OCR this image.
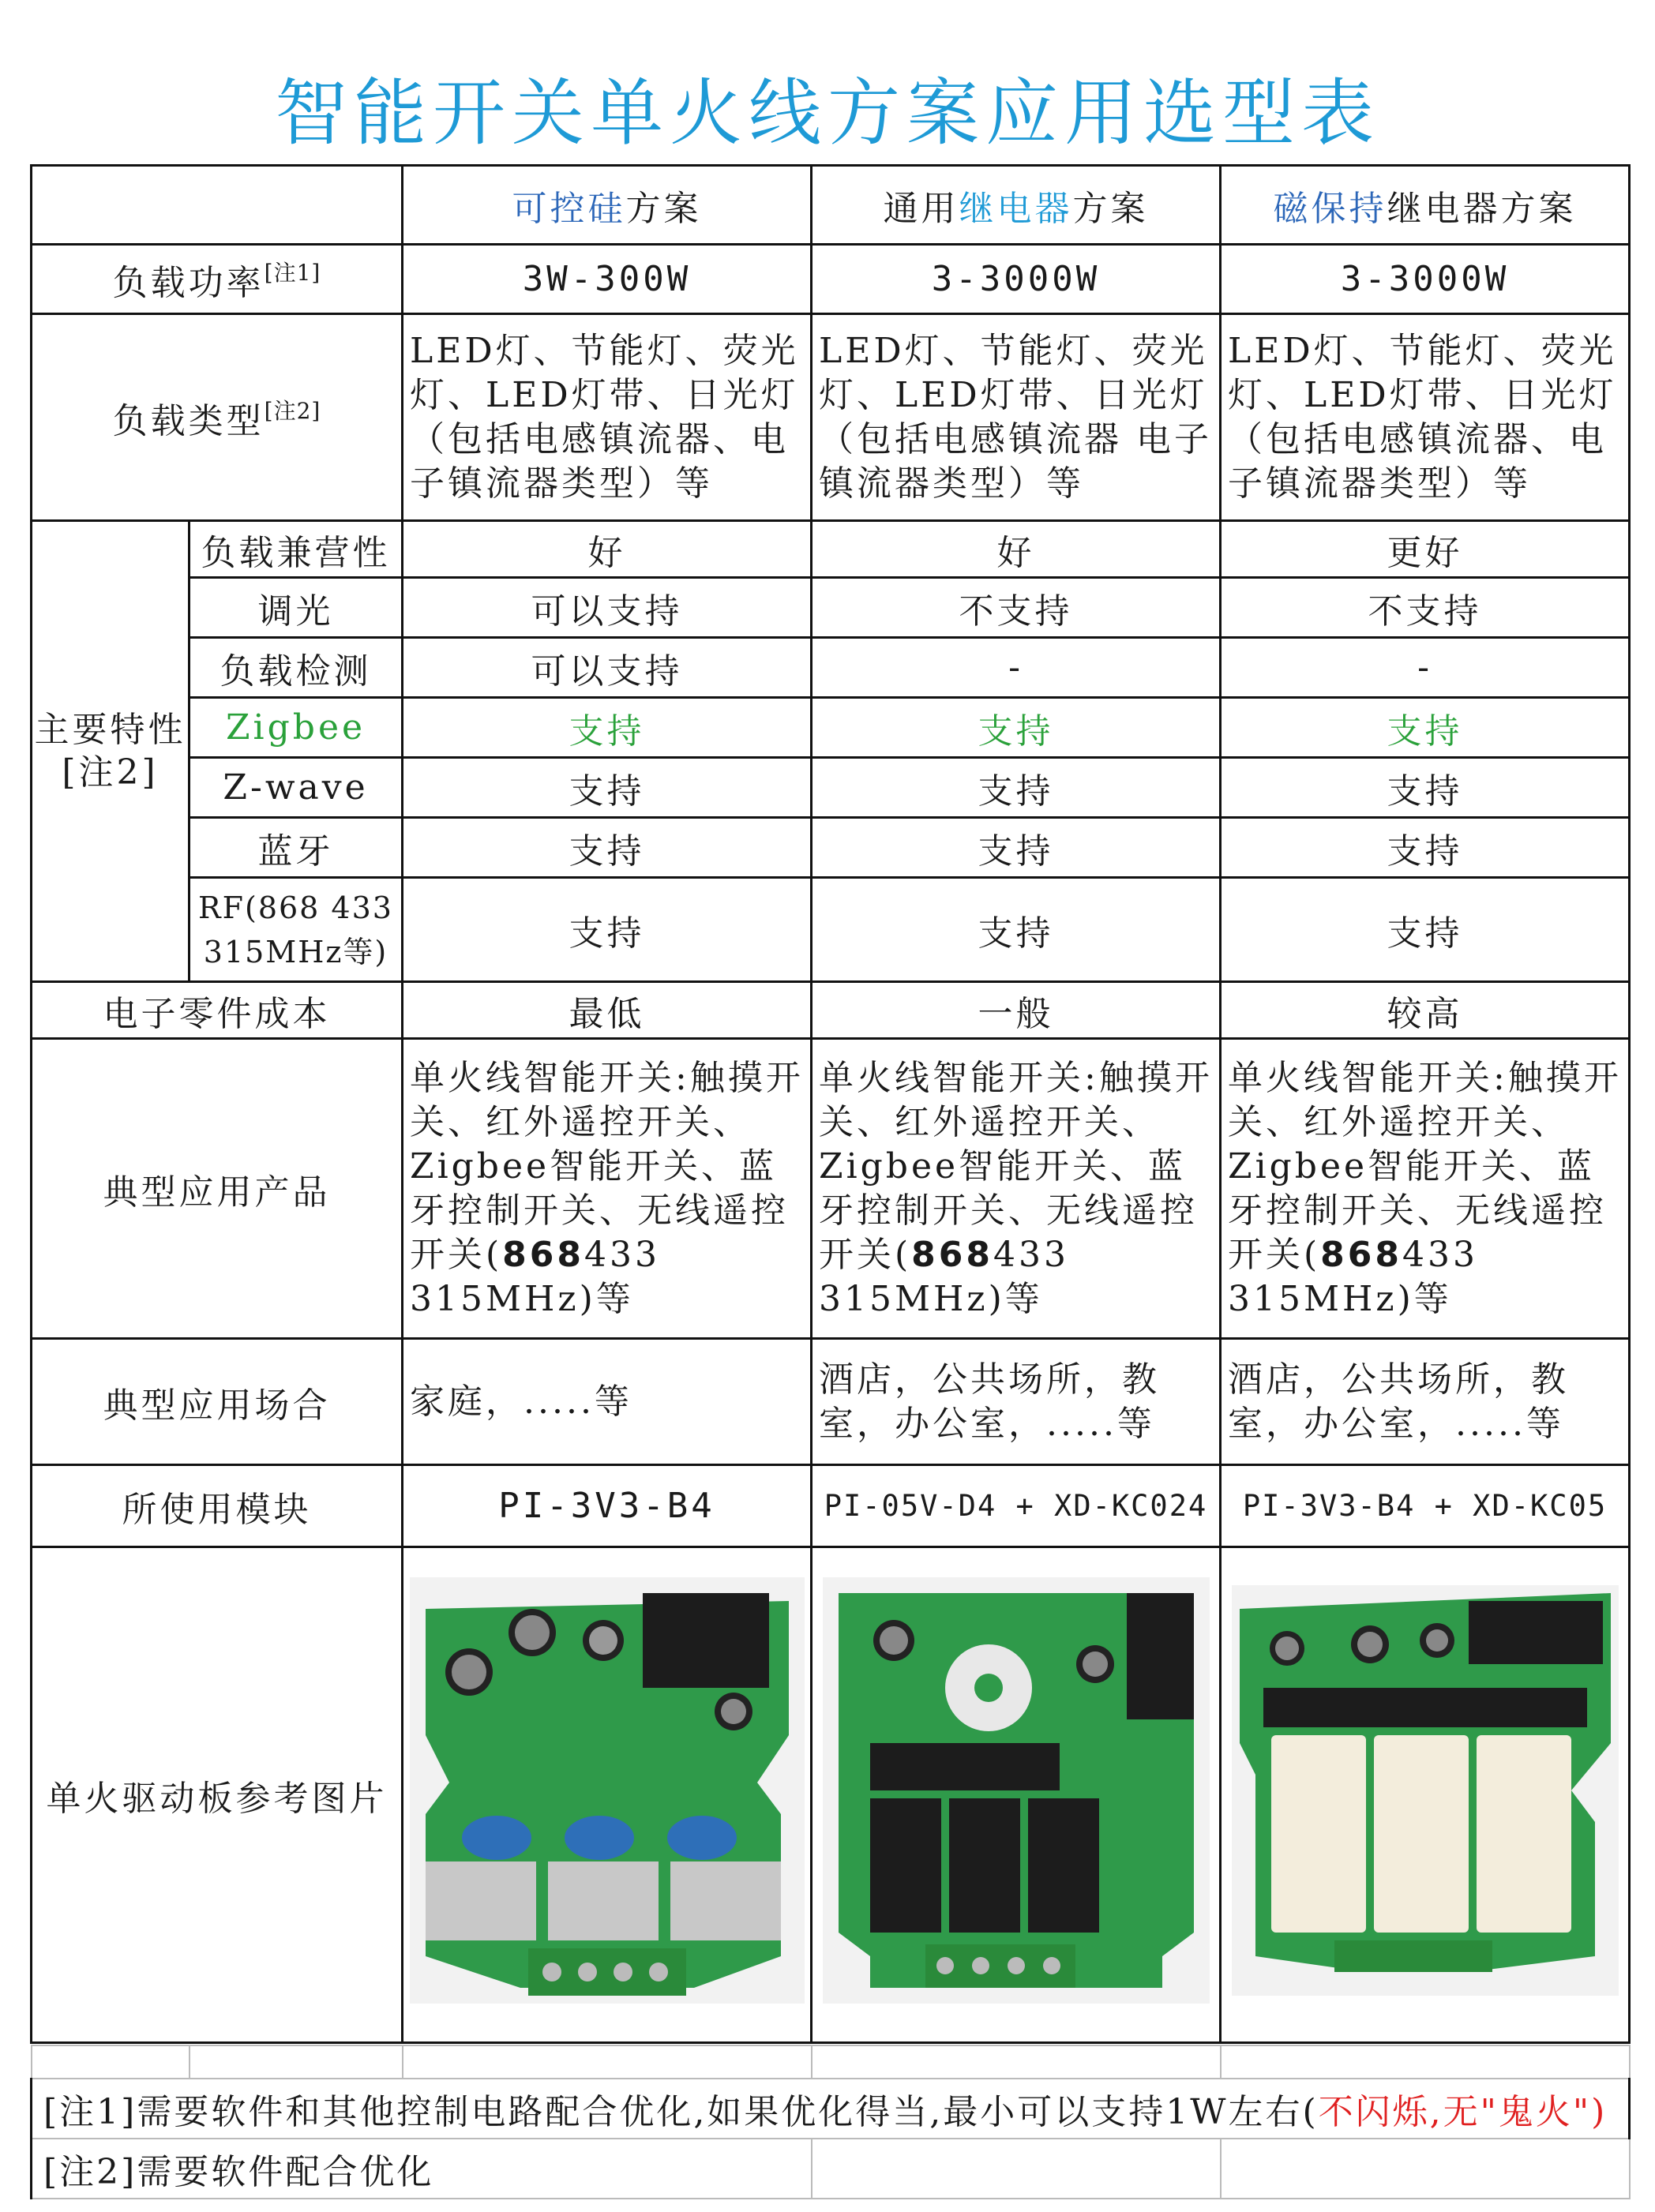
智能开关单火线方案应用选型表
		可控硅方案	通用继电器方案	磁保持继电器方案
负载功率[注1]		3W-300W	3-3000W	3-3000W
负载类型[注2]		LED灯、节能灯、荧光灯、LED灯带、日光灯（包括电感镇流器、电子镇流器类型）等	LED灯、节能灯、荧光灯、LED灯带、日光灯（包括电感镇流器 电子镇流器类型）等	LED灯、节能灯、荧光灯、LED灯带、日光灯（包括电感镇流器、电子镇流器类型）等
主要特性[注2]	负载兼营性	好	好	更好
	调光	可以支持	不支持	不支持
	负载检测	可以支持	-	-
	Zigbee	支持	支持	支持
	Z-wave	支持	支持	支持
	蓝牙	支持	支持	支持
	RF(868 433 315MHz等)	支持	支持	支持
电子零件成本		最低	一般	较高
典型应用产品		单火线智能开关:触摸开关、红外遥控开关、Zigbee智能开关、蓝牙控制开关、无线遥控开关(868433 315MHz)等	单火线智能开关:触摸开关、红外遥控开关、Zigbee智能开关、蓝牙控制开关、无线遥控开关(868433 315MHz)等	单火线智能开关:触摸开关、红外遥控开关、Zigbee智能开关、蓝牙控制开关、无线遥控开关(868433 315MHz)等
典型应用场合		家庭，.....等	酒店，公共场所，教室，办公室，.....等	酒店，公共场所，教室，办公室，.....等
所使用模块		PI-3V3-B4	PI-05V-D4 + XD-KC024	PI-3V3-B4 + XD-KC05
单火驱动板参考图片			

[注1]需要软件和其他控制电路配合优化,如果优化得当,最小可以支持1W左右(不闪烁,无"鬼火")				
[注2]需要软件配合优化				
